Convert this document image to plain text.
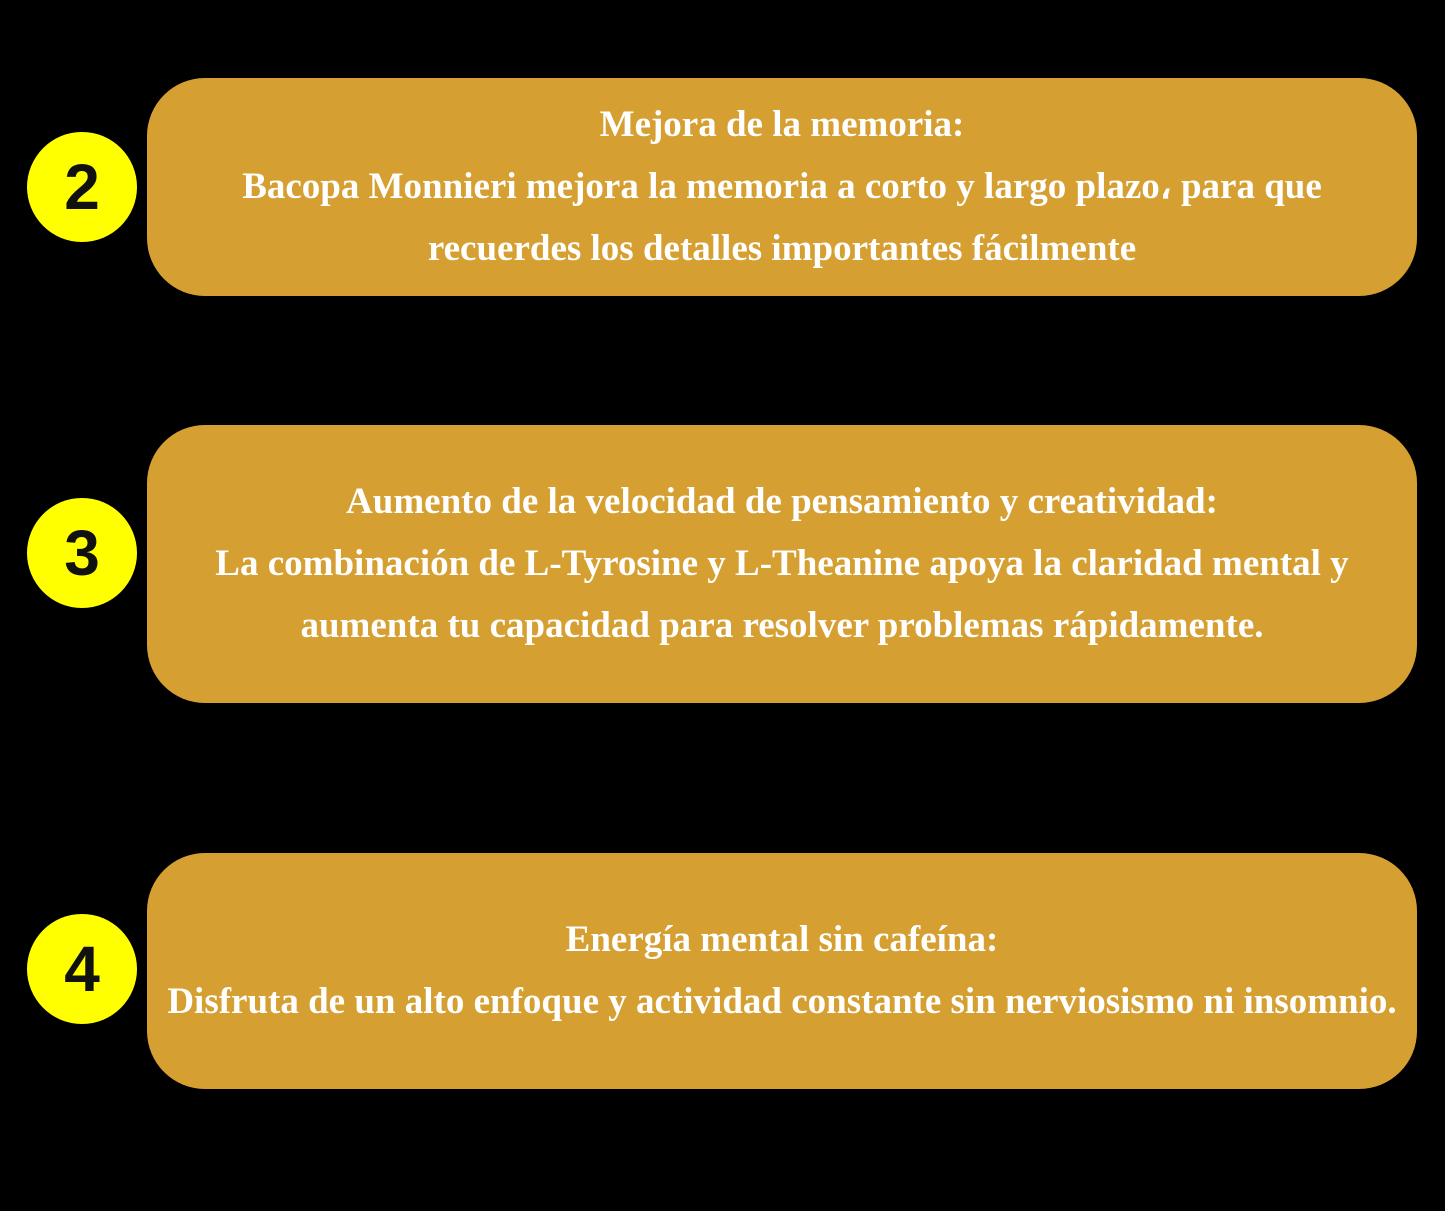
2

Mejora de la memoria:

Bacopa Monnieri mejora la memoria a corto y largo plazo، para que recuerdes los detalles importantes fácilmente

3

Aumento de la velocidad de pensamiento y creatividad:

La combinación de L-Tyrosine y L-Theanine apoya la claridad mental y aumenta tu capacidad para resolver problemas rápidamente.

4	Energía mental sin cafeína:

Disfruta de un alto enfoque y actividad constante sin nerviosismo ni insomnio.
